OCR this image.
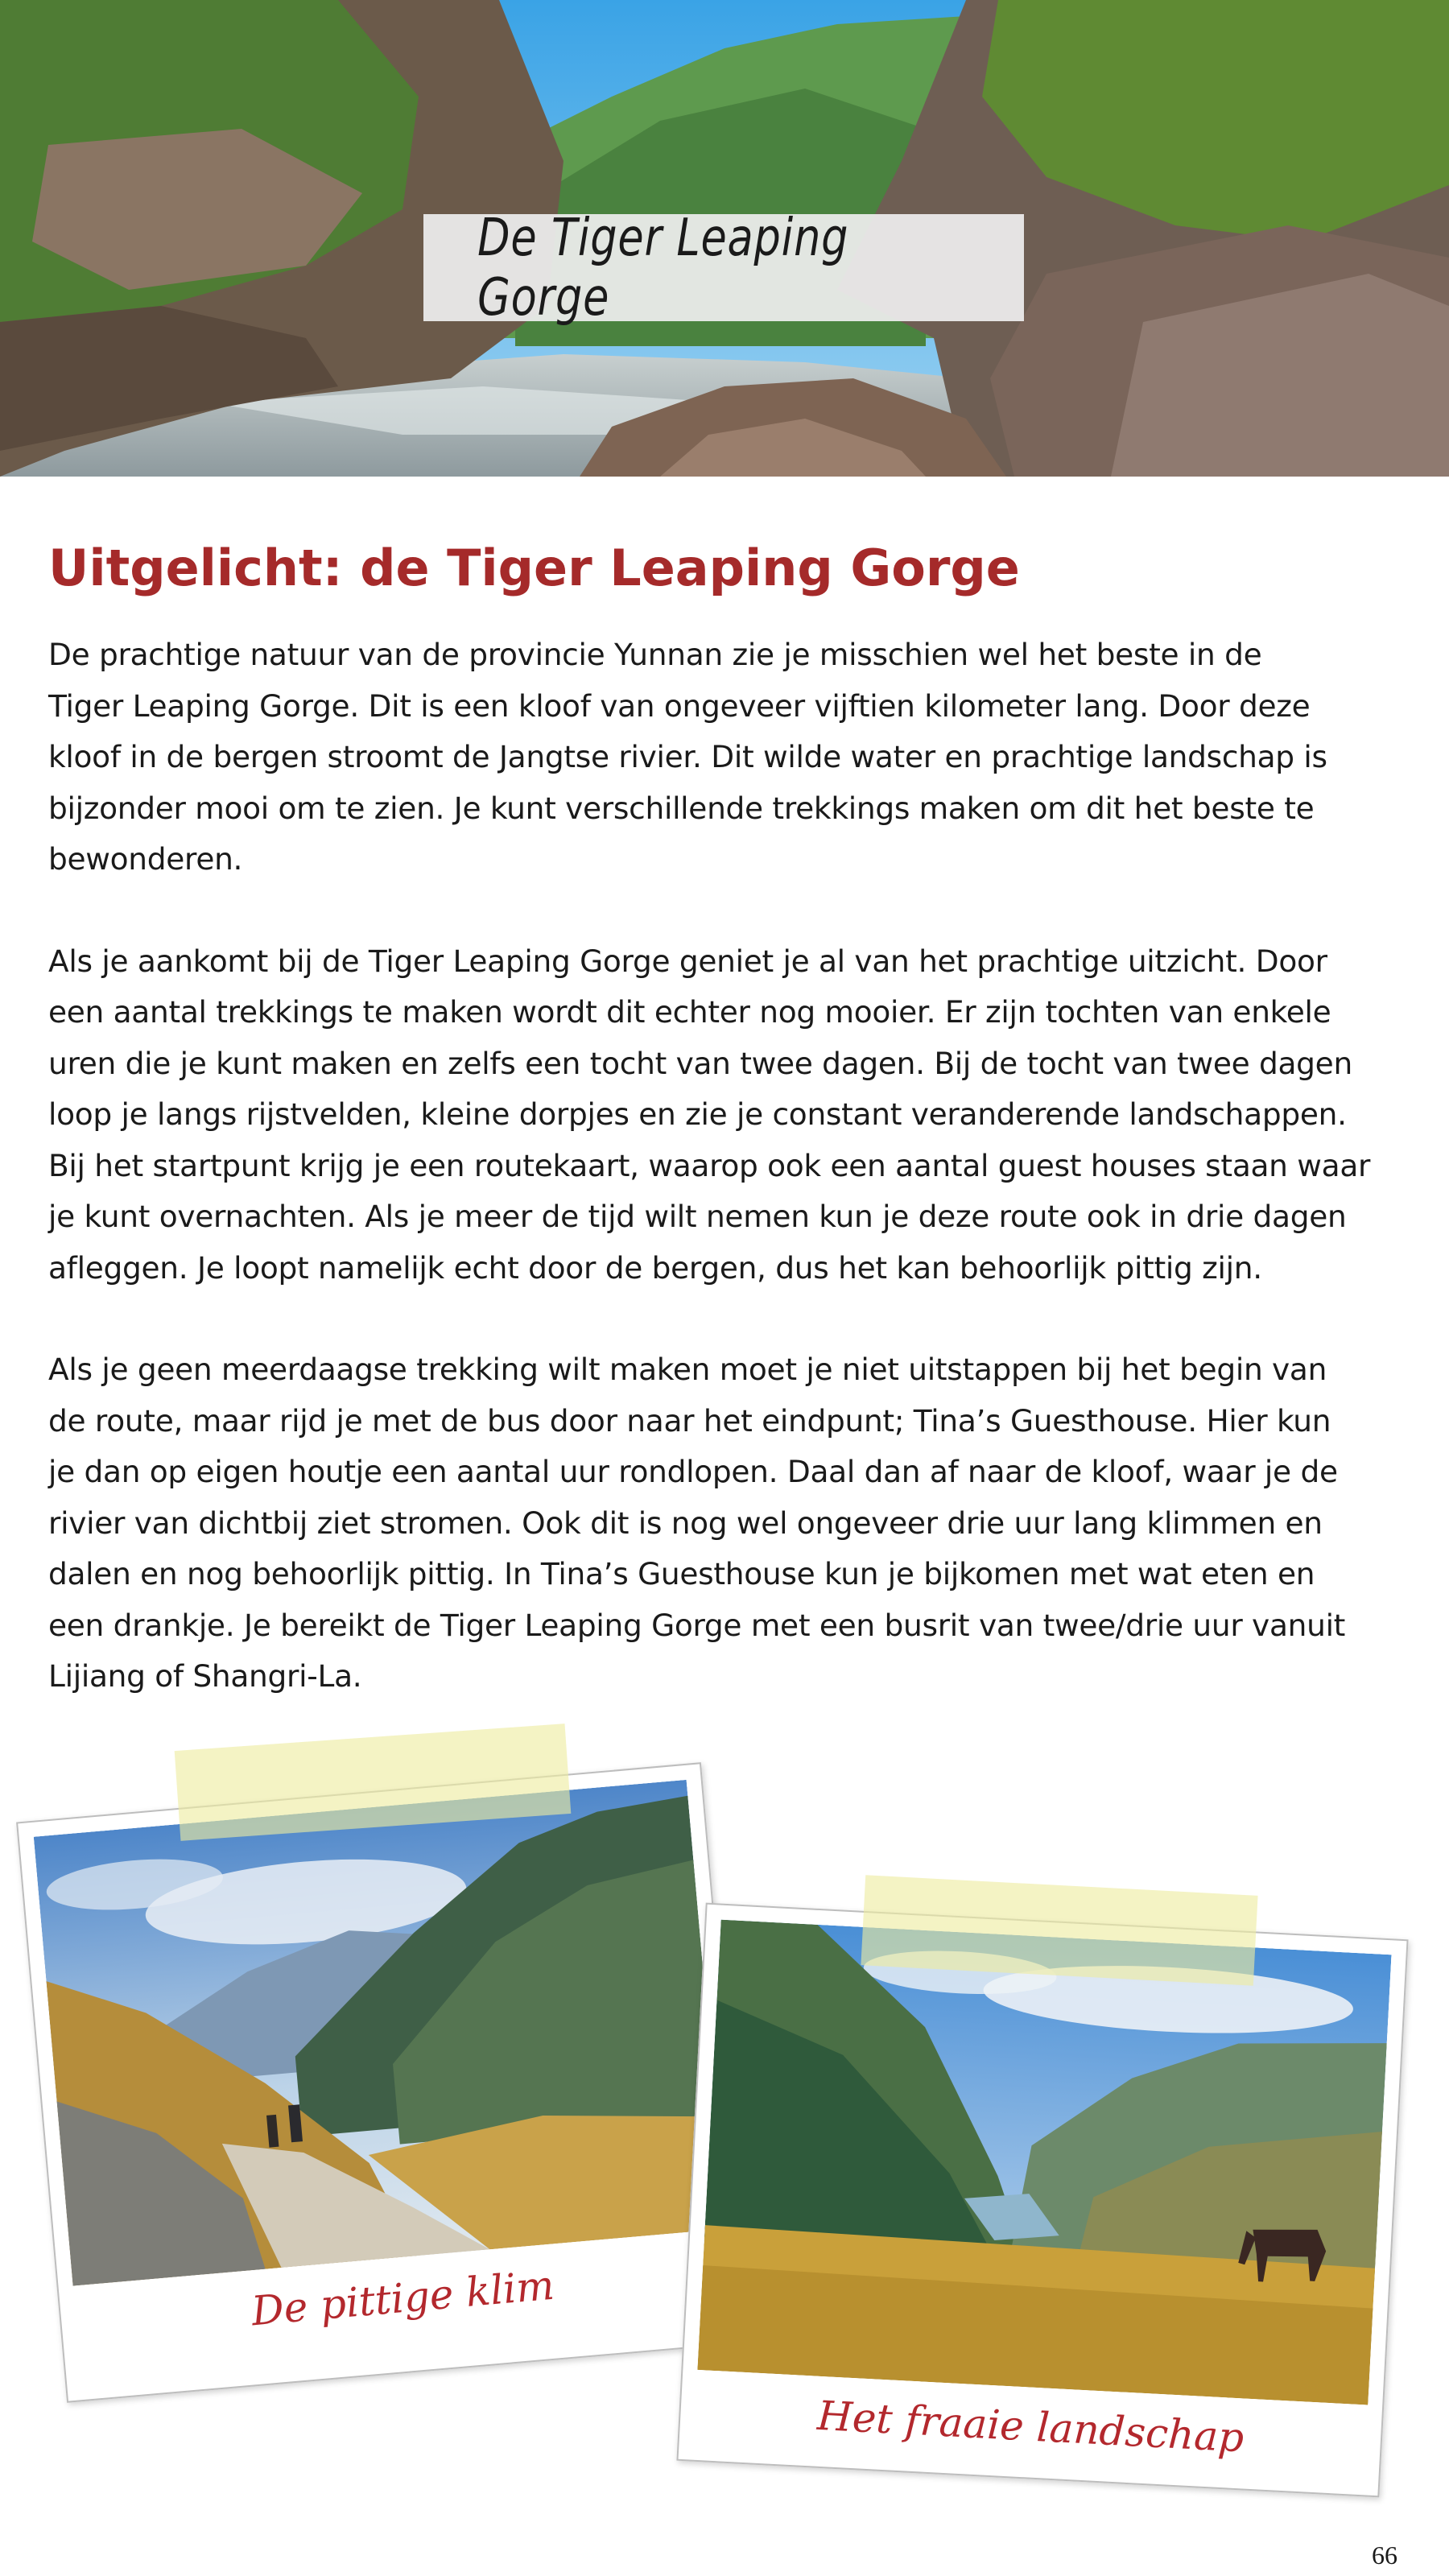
De Tiger Leaping Gorge
Uitgelicht: de Tiger Leaping Gorge

De prachtige natuur van de provincie Yunnan zie je misschien wel het beste in de
Tiger Leaping Gorge. Dit is een kloof van ongeveer vijftien kilometer lang. Door deze
kloof in de bergen stroomt de Jangtse rivier. Dit wilde water en prachtige landschap is
bijzonder mooi om te zien. Je kunt verschillende trekkings maken om dit het beste te
bewonderen.

Als je aankomt bij de Tiger Leaping Gorge geniet je al van het prachtige uitzicht. Door
een aantal trekkings te maken wordt dit echter nog mooier. Er zijn tochten van enkele
uren die je kunt maken en zelfs een tocht van twee dagen. Bij de tocht van twee dagen
loop je langs rijstvelden, kleine dorpjes en zie je constant veranderende landschappen.
Bij het startpunt krijg je een routekaart, waarop ook een aantal guest houses staan waar
je kunt overnachten. Als je meer de tijd wilt nemen kun je deze route ook in drie dagen
afleggen. Je loopt namelijk echt door de bergen, dus het kan behoorlijk pittig zijn.

Als je geen meerdaagse trekking wilt maken moet je niet uitstappen bij het begin van
de route, maar rijd je met de bus door naar het eindpunt; Tina’s Guesthouse. Hier kun
je dan op eigen houtje een aantal uur rondlopen. Daal dan af naar de kloof, waar je de
rivier van dichtbij ziet stromen. Ook dit is nog wel ongeveer drie uur lang klimmen en
dalen en nog behoorlijk pittig. In Tina’s Guesthouse kun je bijkomen met wat eten en
een drankje. Je bereikt de Tiger Leaping Gorge met een busrit van twee/drie uur vanuit
Lijiang of Shangri-La.

De pittige klim
Het fraaie landschap
66
